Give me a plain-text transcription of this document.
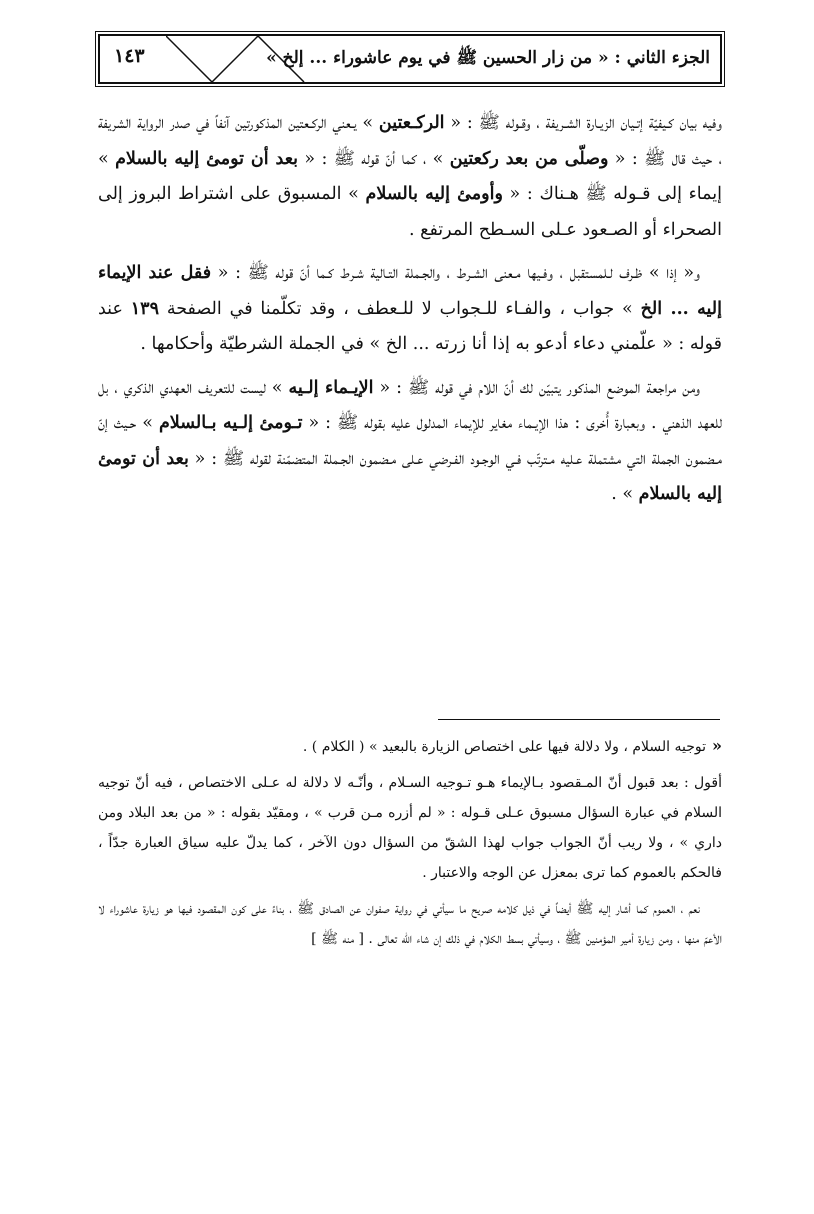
١٤٣	الجزء الثاني : « من زار الحسين ﷺ في يوم عاشوراء ... إلخ »

وفيه بيان كـيفيّة إتـيان الزيـارة الشـريفة ، وقـوله ﷺ : « الركـعتين » يـعني الركـعتين المذكورتين آنفاً في صدر الرواية الشريفة ، حيث قال ﷺ : « وصلّى من بعد ركعتين » ، كما أنّ قوله ﷺ : « بعد أن تومئ إليه بالسلام » إيماء إلى قـوله ﷺ هـناك : « وأومئ إليه بالسلام » المسبوق على اشتراط البروز إلى الصحراء أو الصـعود عـلى السـطح المرتفع .

و« إذا » ظـرف لـلمستقبل ، وفـيها مـعنى الشـرط ، والجـملة التـالية شـرط كـما أنّ قوله ﷺ : « فقل عند الإيماء إليه ... الخ » جواب ، والفـاء للـجواب لا للـعطف ، وقد تكلّمنا في الصفحة ١٣٩ عند قوله : « علّمني دعاء أدعو به إذا أنا زرته ... الخ » في الجملة الشرطيّة وأحكامها .

ومن مراجعة الموضع المذكور يتبيّن لك أنّ اللام في قوله ﷺ : « الإيـماء إلـيه » ليست للتعريف العهدي الذكري ، بل للعهد الذهني . وبعبارة أُخرى : هذا الإيـماء مغاير للإيماء المدلول عليه بقوله ﷺ : « تـومئ إلـيه بـالسلام » حـيث إنّ مـضمون الجملة التي مشتملة عـليه مـترتّب فـي الوجـود الفـرضي عـلى مـضمون الجـملة المتضمّنة لقوله ﷺ : « بعد أن تومئ إليه بالسلام » .

«توجيه السلام ، ولا دلالة فيها على اختصاص الزيارة بالبعيد » ( الكلام ) .

أقول : بعد قبول أنّ المـقصود بـالإيماء هـو تـوجيه السـلام ، وأنّـه لا دلالة له عـلى الاختصاص ، فيه أنّ توجيه السلام في عبارة السؤال مسبوق عـلى قـوله : « لم أزره مـن قرب » ، ومقيّد بقوله : « من بعد البلاد ومن داري » ، ولا ريب أنّ الجواب جواب لهذا الشقّ من السؤال دون الآخر ، كما يدلّ عليه سياق العبارة جدّاً ، فالحكم بالعموم كما ترى بمعزل عن الوجه والاعتبار .

نعم ، العموم كما أشار إليه ﷺ أيضاً في ذيل كلامه صريح ما سيأتي في رواية صفوان عن الصادق ﷺ ، بناءً على كون المقصود فيها هو زيارة عاشوراء لا الأعمّ منها ، ومن زيارة أمير المؤمنين ﷺ ، وسيأتي بسط الكلام في ذلك إن شاء الله تعالى . [ منه ﷺ ]
